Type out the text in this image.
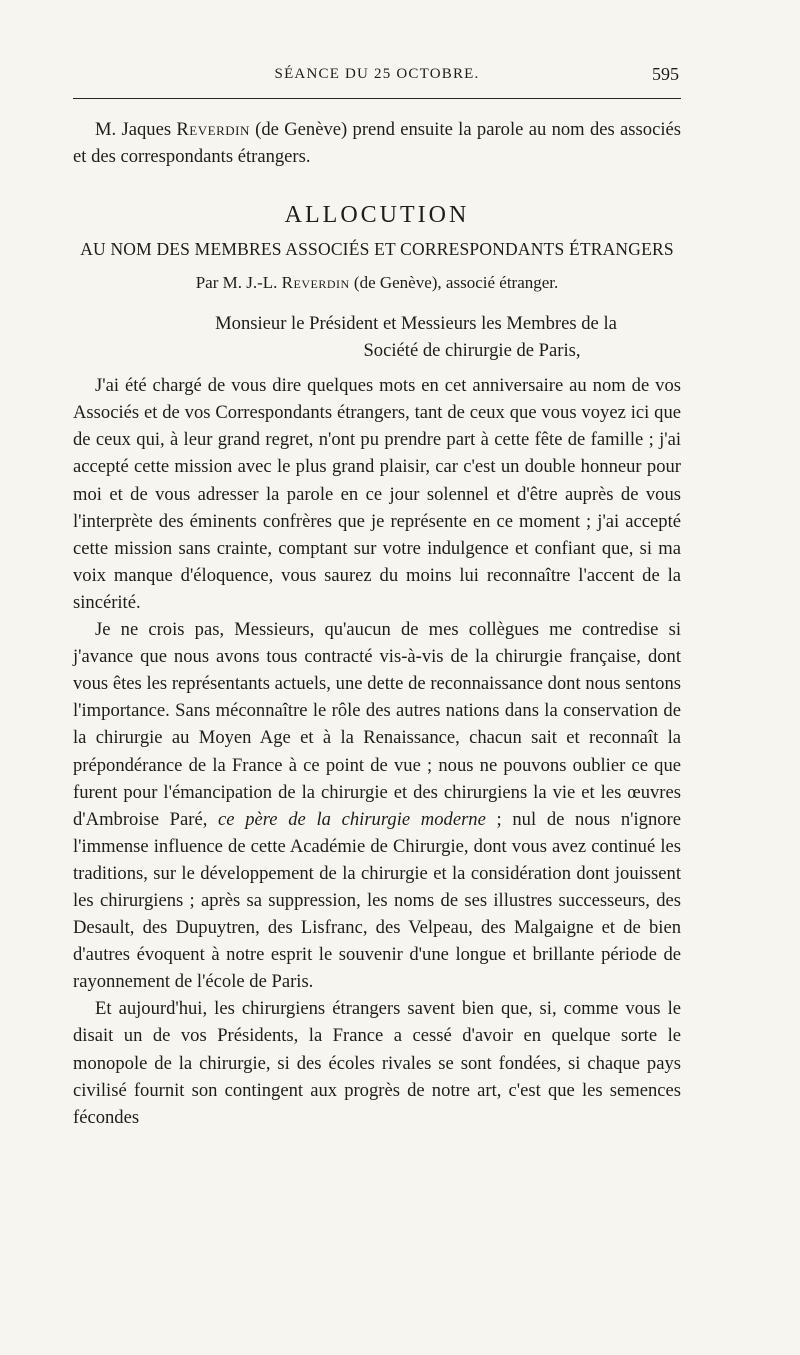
SÉANCE DU 25 OCTOBRE.	595

M. Jaques Reverdin (de Genève) prend ensuite la parole au nom des associés et des correspondants étrangers.

ALLOCUTION
AU NOM DES MEMBRES ASSOCIÉS ET CORRESPONDANTS ÉTRANGERS
Par M. J.-L. Reverdin (de Genève), associé étranger.
Monsieur le Président et Messieurs les Membres de la
Société de chirurgie de Paris,

J'ai été chargé de vous dire quelques mots en cet anniversaire au nom de vos Associés et de vos Correspondants étrangers, tant de ceux que vous voyez ici que de ceux qui, à leur grand regret, n'ont pu prendre part à cette fête de famille ; j'ai accepté cette mission avec le plus grand plaisir, car c'est un double honneur pour moi et de vous adresser la parole en ce jour solennel et d'être auprès de vous l'interprète des éminents confrères que je représente en ce moment ; j'ai accepté cette mission sans crainte, comptant sur votre indulgence et confiant que, si ma voix manque d'éloquence, vous saurez du moins lui reconnaître l'accent de la sincérité.

Je ne crois pas, Messieurs, qu'aucun de mes collègues me contredise si j'avance que nous avons tous contracté vis-à-vis de la chirurgie française, dont vous êtes les représentants actuels, une dette de reconnaissance dont nous sentons l'importance. Sans méconnaître le rôle des autres nations dans la conservation de la chirurgie au Moyen Age et à la Renaissance, chacun sait et reconnaît la prépondérance de la France à ce point de vue ; nous ne pouvons oublier ce que furent pour l'émancipation de la chirurgie et des chirurgiens la vie et les œuvres d'Ambroise Paré, ce père de la chirurgie moderne ; nul de nous n'ignore l'immense influence de cette Académie de Chirurgie, dont vous avez continué les traditions, sur le développement de la chirurgie et la considération dont jouissent les chirurgiens ; après sa suppression, les noms de ses illustres successeurs, des Desault, des Dupuytren, des Lisfranc, des Velpeau, des Malgaigne et de bien d'autres évoquent à notre esprit le souvenir d'une longue et brillante période de rayonnement de l'école de Paris.

Et aujourd'hui, les chirurgiens étrangers savent bien que, si, comme vous le disait un de vos Présidents, la France a cessé d'avoir en quelque sorte le monopole de la chirurgie, si des écoles rivales se sont fondées, si chaque pays civilisé fournit son contingent aux progrès de notre art, c'est que les semences fécondes
